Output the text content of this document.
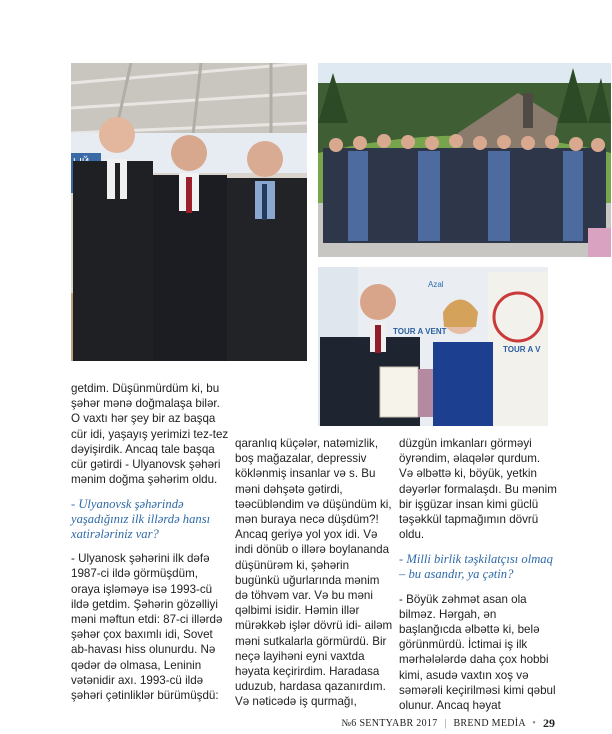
Azal
TOUR A VENT
TOUR A V

getdim. Düşünmürdüm ki, bu şəhər mənə doğmalaşa bilər. O vaxtı hər şey bir az başqa cür idi, yaşayış yerimizi tez-tez dəyişirdik. Ancaq tale başqa cür gətirdi - Ulyanovsk şəhəri mənim doğma şəhərim oldu.

- Ulyanovsk şəhərində yaşadığınız ilk illərdə hansı xatirələriniz var?

- Ulyanosk şəhərini ilk dəfə 1987-ci ildə görmüşdüm, oraya işləməyə isə 1993-cü ildə getdim. Şəhərin gözəlliyi məni məftun etdi: 87-ci illərdə şəhər çox baxımlı idi, Sovet ab-havası hiss olunurdu. Nə qədər də olmasa, Leninin vətənidir axı. 1993-cü ildə şəhəri çətinliklər bürümüşdü:

qaranlıq küçələr, natəmizlik, boş mağazalar, depressiv köklənmiş insanlar və s. Bu məni dəhşətə gətirdi, təəcübləndim və düşündüm ki, mən buraya necə düşdüm?! Ancaq geriyə yol yox idi. Və indi dönüb o illərə boylananda düşünürəm ki, şəhərin bugünkü uğurlarında mənim də töhvəm var. Və bu məni qəlbimi isidir. Həmin illər mürəkkəb işlər dövrü idi- ailəm məni sutkalarla görmürdü. Bir neçə layihəni eyni vaxtda həyata keçirirdim. Haradasa uduzub, hardasa qazanırdım. Və nəticədə iş qurmağı,

düzgün imkanları görməyi öyrəndim, əlaqələr qurdum. Və əlbəttə ki, böyük, yetkin dəyərlər formalaşdı. Bu mənim bir işgüzar insan kimi güclü təşəkkül tapmağımın dövrü oldu.

- Milli birlik təşkilatçısı olmaq – bu asandır, ya çətin?

- Böyük zəhmət asan ola bilməz. Hərgah, ən başlanğıcda əlbəttə ki, belə görünmürdü. İctimai iş ilk mərhələlərdə daha çox hobbi kimi, asudə vaxtın xoş və səmərəli keçirilməsi kimi qəbul olunur. Ancaq həyat

№6 SENTYABR 2017 | BREND MEDİA • 29
